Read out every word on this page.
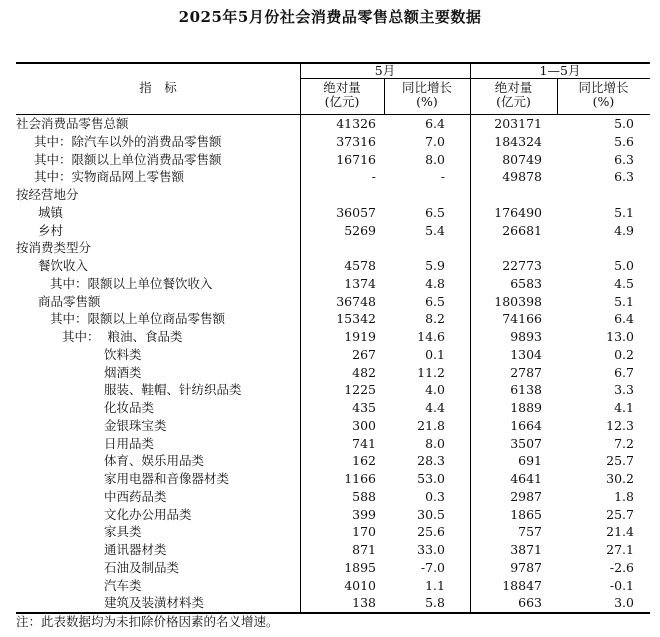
2025年5月份社会消费品零售总额主要数据
指　标
5月	1—5月
绝对量
(亿元)
同比增长
(%)
绝对量
(亿元)
同比增长
(%)
社会消费品零售总额	41326	6.4	203171	5.0
其中：除汽车以外的消费品零售额	37316	7.0	184324	5.6
其中：限额以上单位消费品零售额	16716	8.0	80749	6.3
其中：实物商品网上零售额	-	-	49878	6.3
按经营地分
城镇	36057	6.5	176490	5.1
乡村	5269	5.4	26681	4.9
按消费类型分
餐饮收入	4578	5.9	22773	5.0
其中：限额以上单位餐饮收入	1374	4.8	6583	4.5
商品零售额	36748	6.5	180398	5.1
其中：限额以上单位商品零售额	15342	8.2	74166	6.4
其中： 粮油、食品类	1919	14.6	9893	13.0
饮料类	267	0.1	1304	0.2
烟酒类	482	11.2	2787	6.7
服装、鞋帽、针纺织品类	1225	4.0	6138	3.3
化妆品类	435	4.4	1889	4.1
金银珠宝类	300	21.8	1664	12.3
日用品类	741	8.0	3507	7.2
体育、娱乐用品类	162	28.3	691	25.7
家用电器和音像器材类	1166	53.0	4641	30.2
中西药品类	588	0.3	2987	1.8
文化办公用品类	399	30.5	1865	25.7
家具类	170	25.6	757	21.4
通讯器材类	871	33.0	3871	27.1
石油及制品类	1895	-7.0	9787	-2.6
汽车类	4010	1.1	18847	-0.1
建筑及装潢材料类	138	5.8	663	3.0
注：此表数据均为未扣除价格因素的名义增速。
